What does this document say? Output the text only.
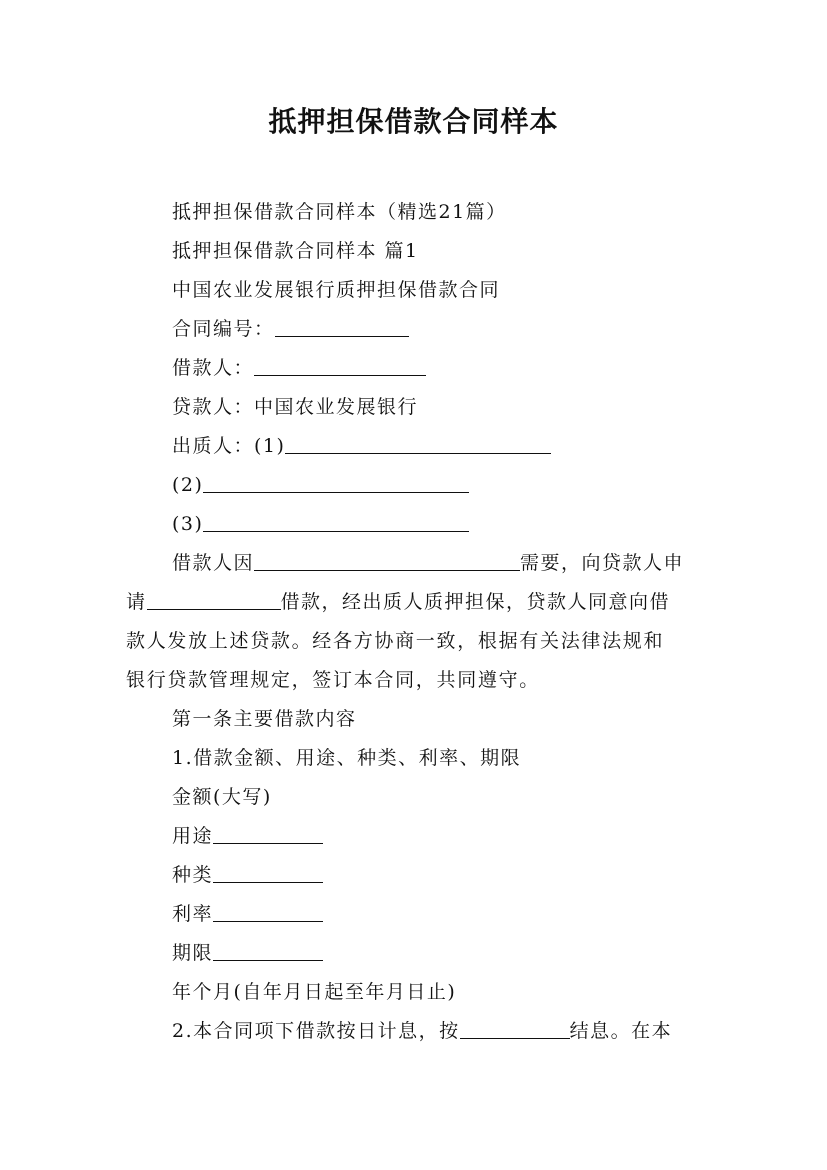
抵押担保借款合同样本
抵押担保借款合同样本（精选21篇）
抵押担保借款合同样本 篇1
中国农业发展银行质押担保借款合同
合同编号：
借款人：
贷款人：中国农业发展银行
出质人：(1)
(2)
(3)
借款人因	需要，向贷款人申
请	借款，经出质人质押担保，贷款人同意向借
款人发放上述贷款。经各方协商一致，根据有关法律法规和
银行贷款管理规定，签订本合同，共同遵守。
第一条主要借款内容
1.借款金额、用途、种类、利率、期限
金额(大写)
用途
种类
利率
期限
年个月(自年月日起至年月日止)
2.本合同项下借款按日计息，按	结息。在本
